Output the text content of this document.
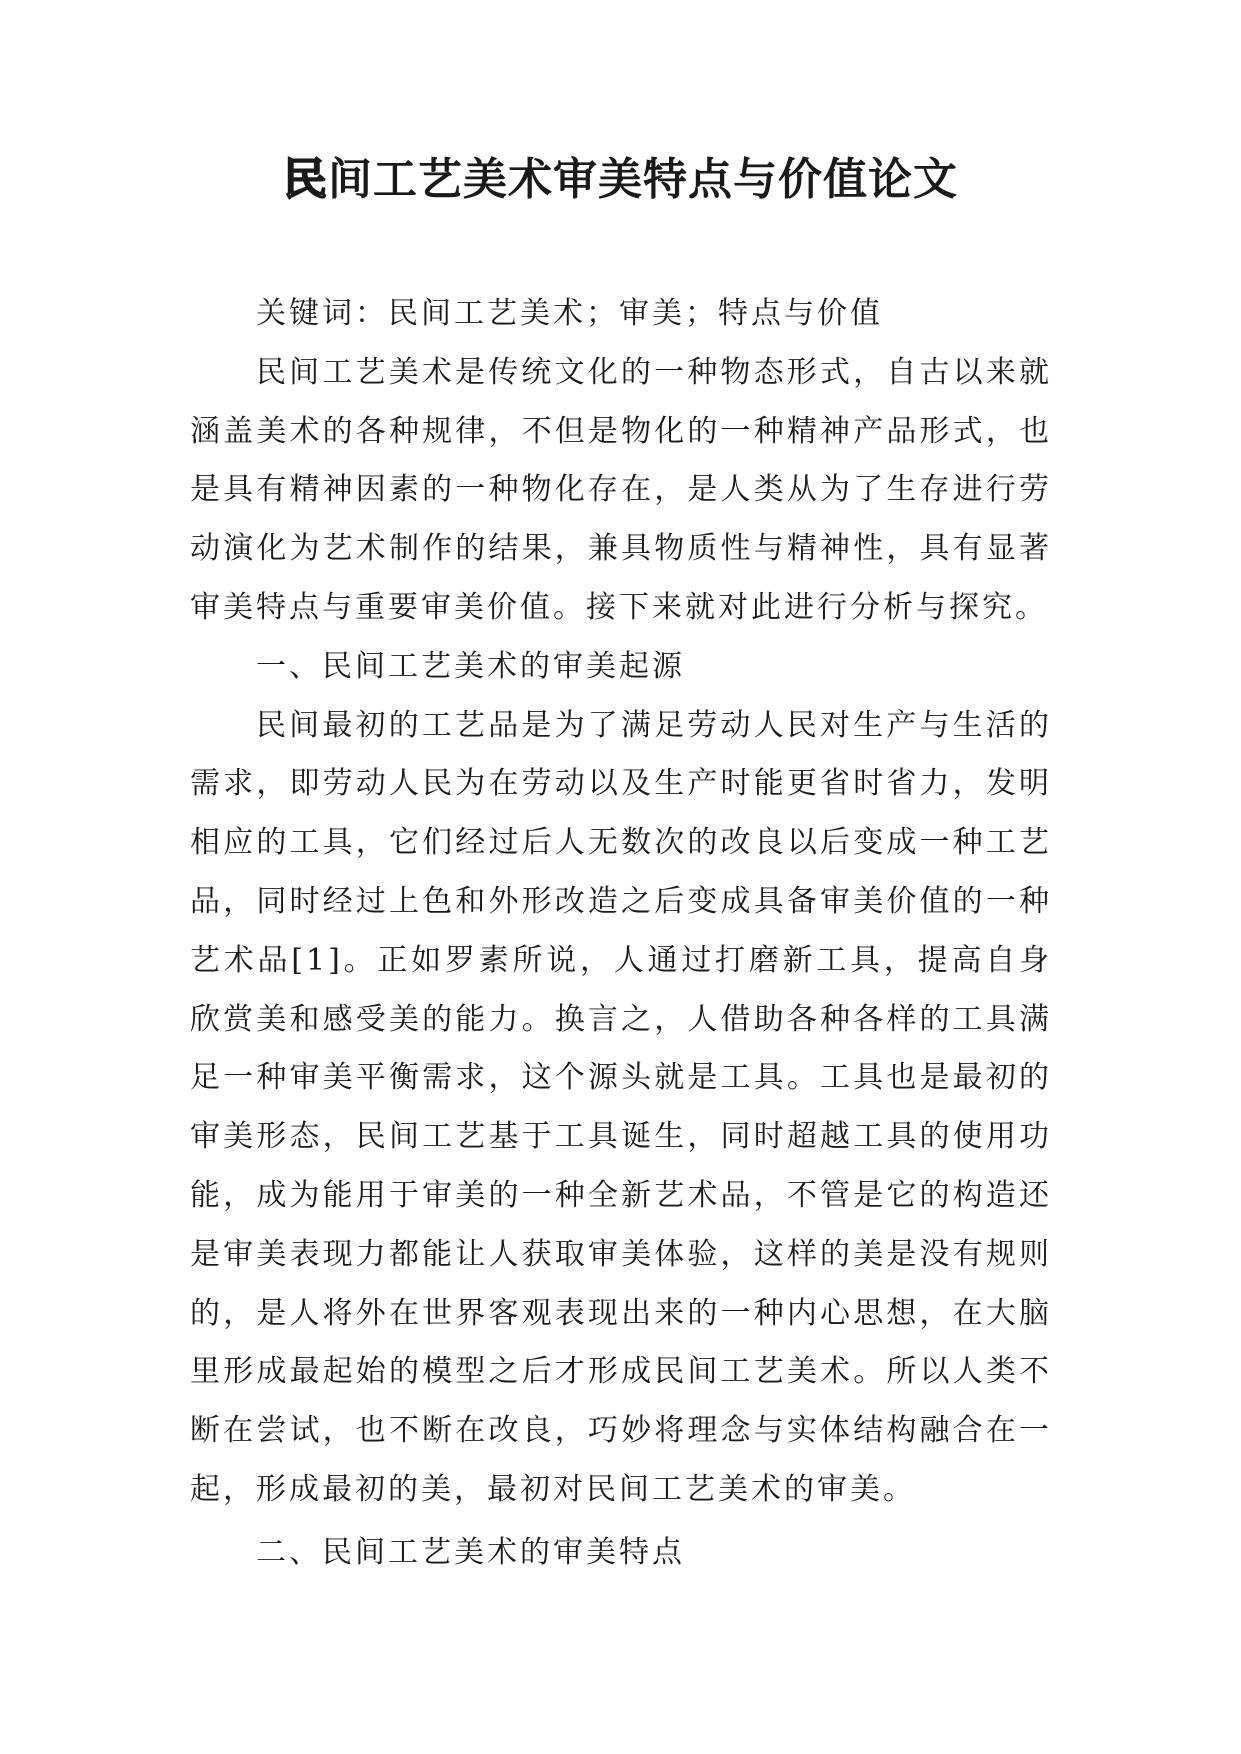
民间工艺美术审美特点与价值论文

关键词：民间工艺美术；审美；特点与价值

民间工艺美术是传统文化的一种物态形式，自古以来就涵盖美术的各种规律，不但是物化的一种精神产品形式，也是具有精神因素的一种物化存在，是人类从为了生存进行劳动演化为艺术制作的结果，兼具物质性与精神性，具有显著审美特点与重要审美价值。接下来就对此进行分析与探究。

一、民间工艺美术的审美起源

民间最初的工艺品是为了满足劳动人民对生产与生活的需求，即劳动人民为在劳动以及生产时能更省时省力，发明相应的工具，它们经过后人无数次的改良以后变成一种工艺品，同时经过上色和外形改造之后变成具备审美价值的一种艺术品[1]。正如罗素所说，人通过打磨新工具，提高自身欣赏美和感受美的能力。换言之，人借助各种各样的工具满足一种审美平衡需求，这个源头就是工具。工具也是最初的审美形态，民间工艺基于工具诞生，同时超越工具的使用功能，成为能用于审美的一种全新艺术品，不管是它的构造还是审美表现力都能让人获取审美体验，这样的美是没有规则的，是人将外在世界客观表现出来的一种内心思想，在大脑里形成最起始的模型之后才形成民间工艺美术。所以人类不断在尝试，也不断在改良，巧妙将理念与实体结构融合在一起，形成最初的美，最初对民间工艺美术的审美。

二、民间工艺美术的审美特点
